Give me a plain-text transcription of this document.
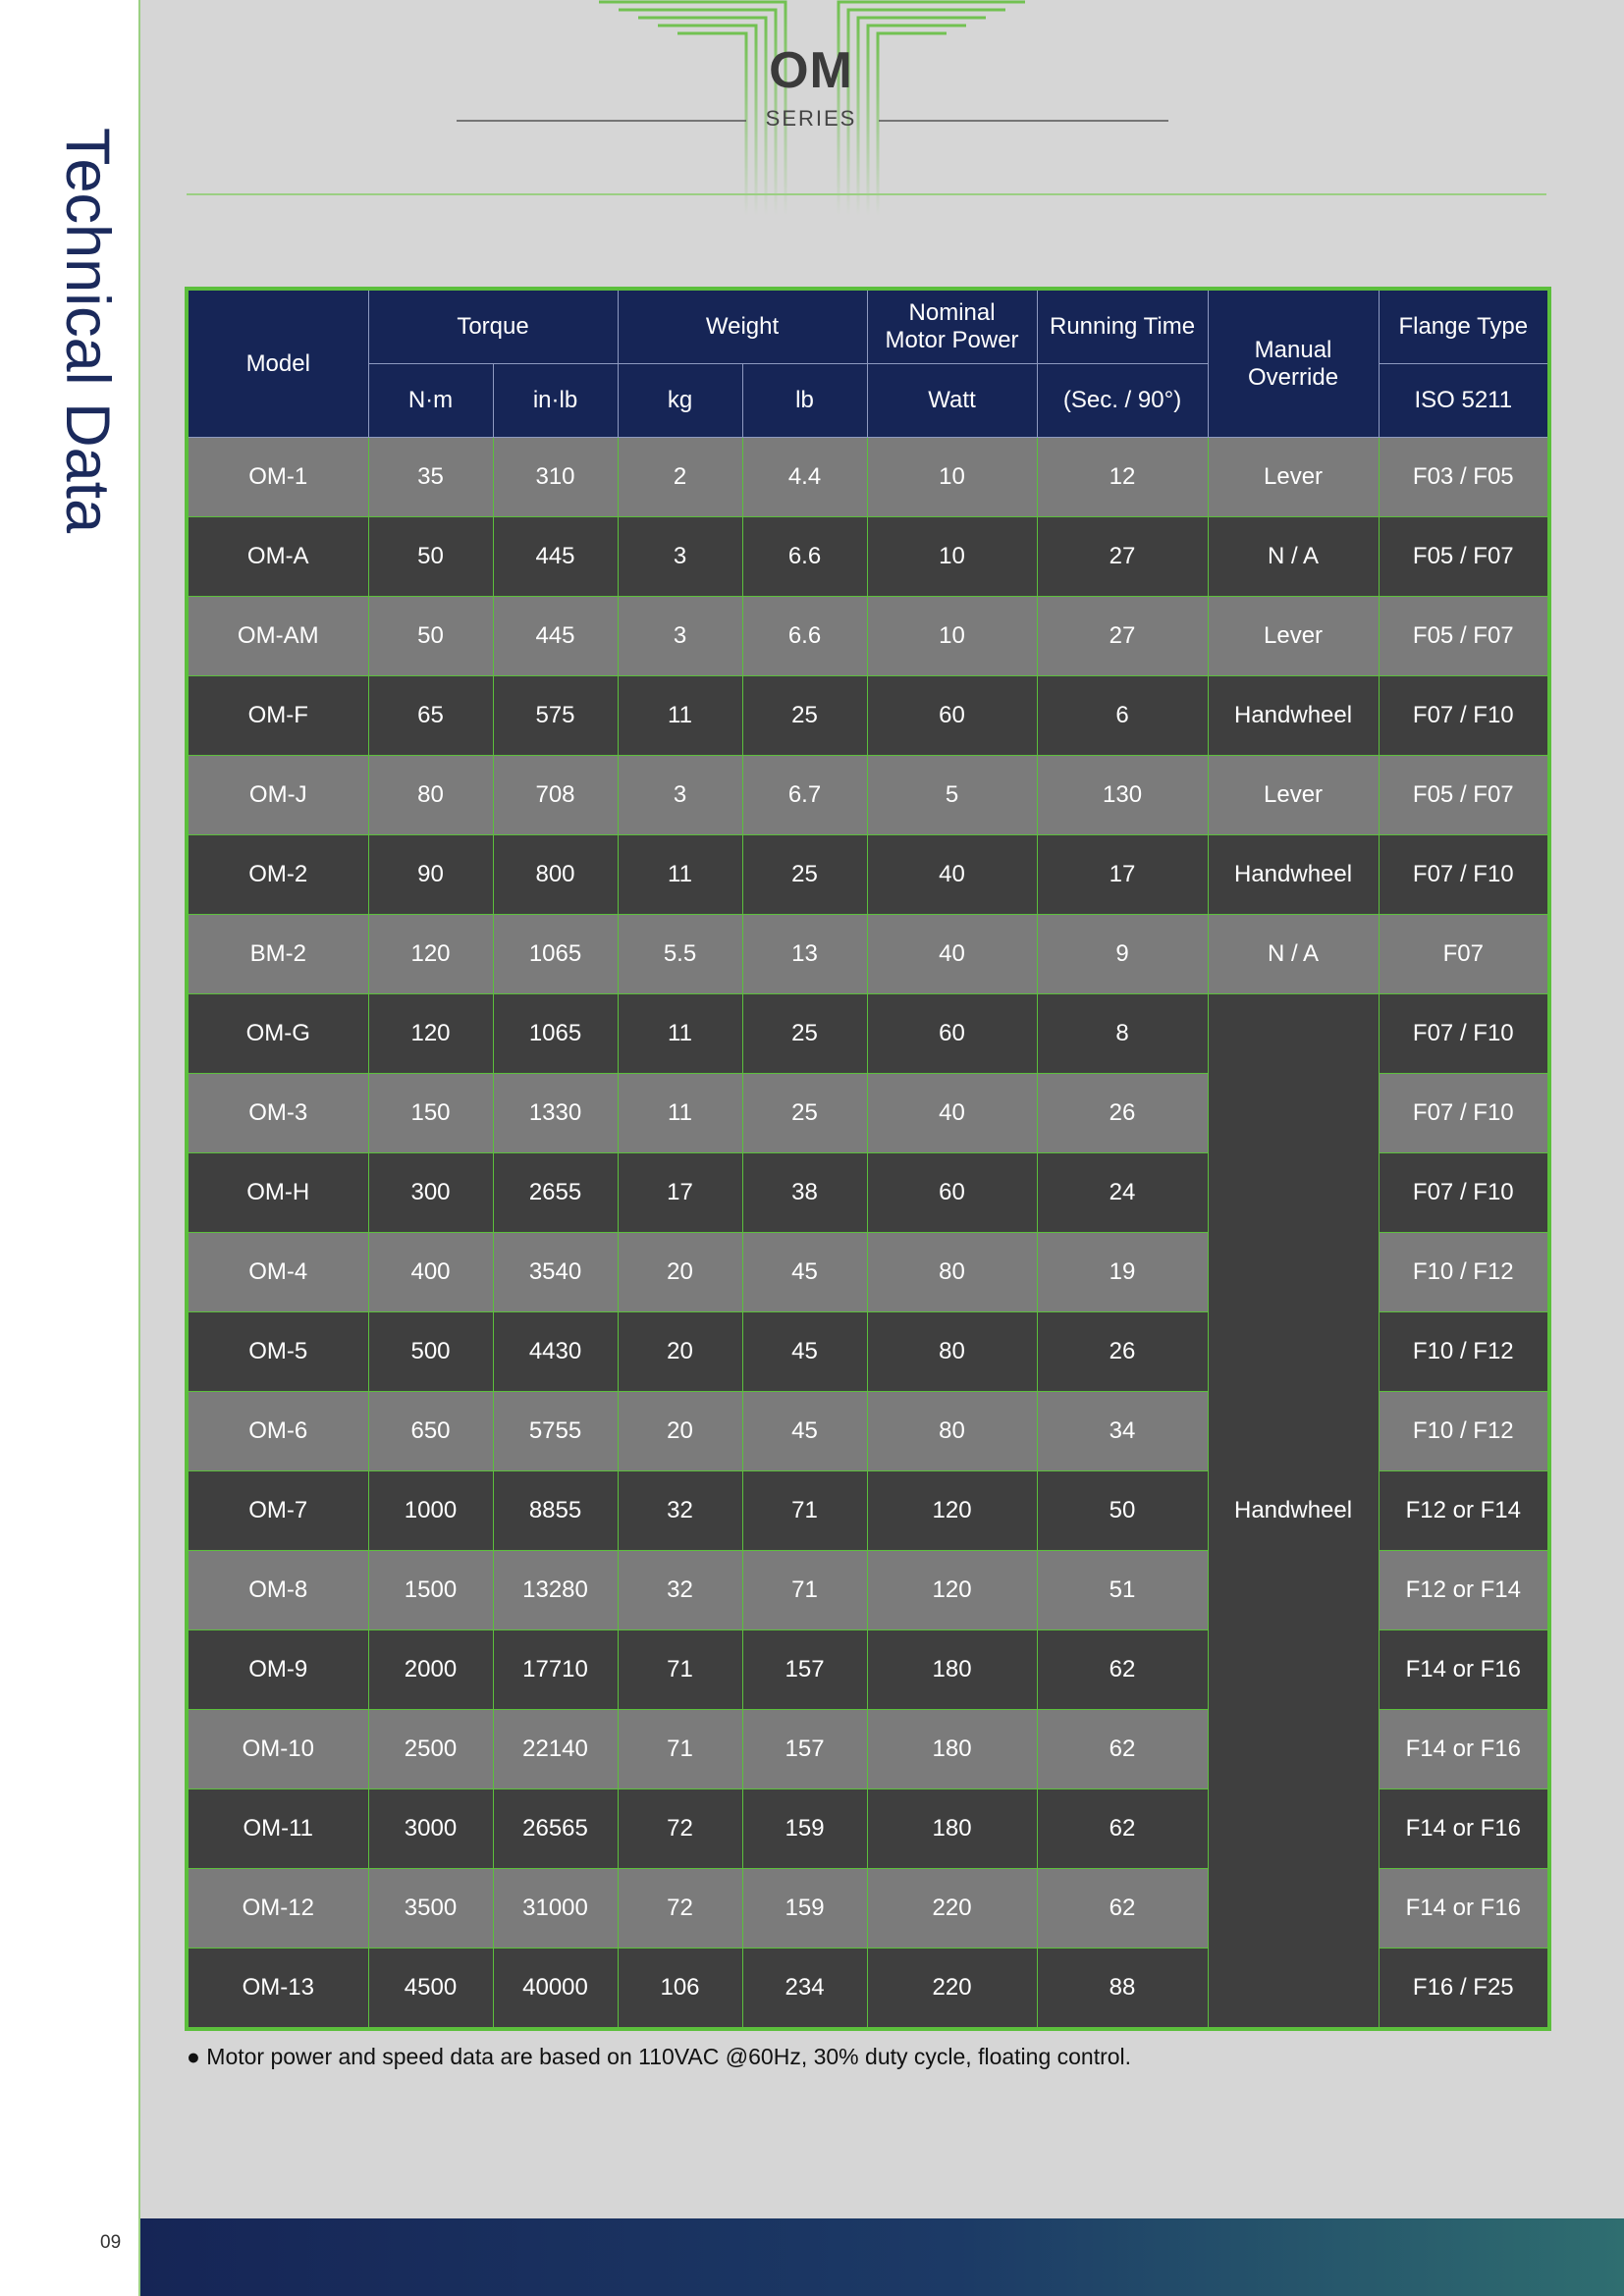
Technical Data
09
OM
SERIES
Model	Torque		Weight		Nominal Motor Power	Running Time	Manual Override	Flange Type
	N·m	in·lb	kg	lb	Watt	(Sec. / 90°)		ISO 5211
OM-1	35	310	2	4.4	10	12	Lever	F03 / F05
OM-A	50	445	3	6.6	10	27	N / A	F05 / F07
OM-AM	50	445	3	6.6	10	27	Lever	F05 / F07
OM-F	65	575	11	25	60	6	Handwheel	F07 / F10
OM-J	80	708	3	6.7	5	130	Lever	F05 / F07
OM-2	90	800	11	25	40	17	Handwheel	F07 / F10
BM-2	120	1065	5.5	13	40	9	N / A	F07
OM-G	120	1065	11	25	60	8	Handwheel	F07 / F10
OM-3	150	1330	11	25	40	26		F07 / F10
OM-H	300	2655	17	38	60	24		F07 / F10
OM-4	400	3540	20	45	80	19		F10 / F12
OM-5	500	4430	20	45	80	26		F10 / F12
OM-6	650	5755	20	45	80	34		F10 / F12
OM-7	1000	8855	32	71	120	50		F12 or F14
OM-8	1500	13280	32	71	120	51		F12 or F14
OM-9	2000	17710	71	157	180	62		F14 or F16
OM-10	2500	22140	71	157	180	62		F14 or F16
OM-11	3000	26565	72	159	180	62		F14 or F16
OM-12	3500	31000	72	159	220	62		F14 or F16
OM-13	4500	40000	106	234	220	88		F16 / F25
● Motor power and speed data are based on 110VAC @60Hz, 30% duty cycle, floating control.
